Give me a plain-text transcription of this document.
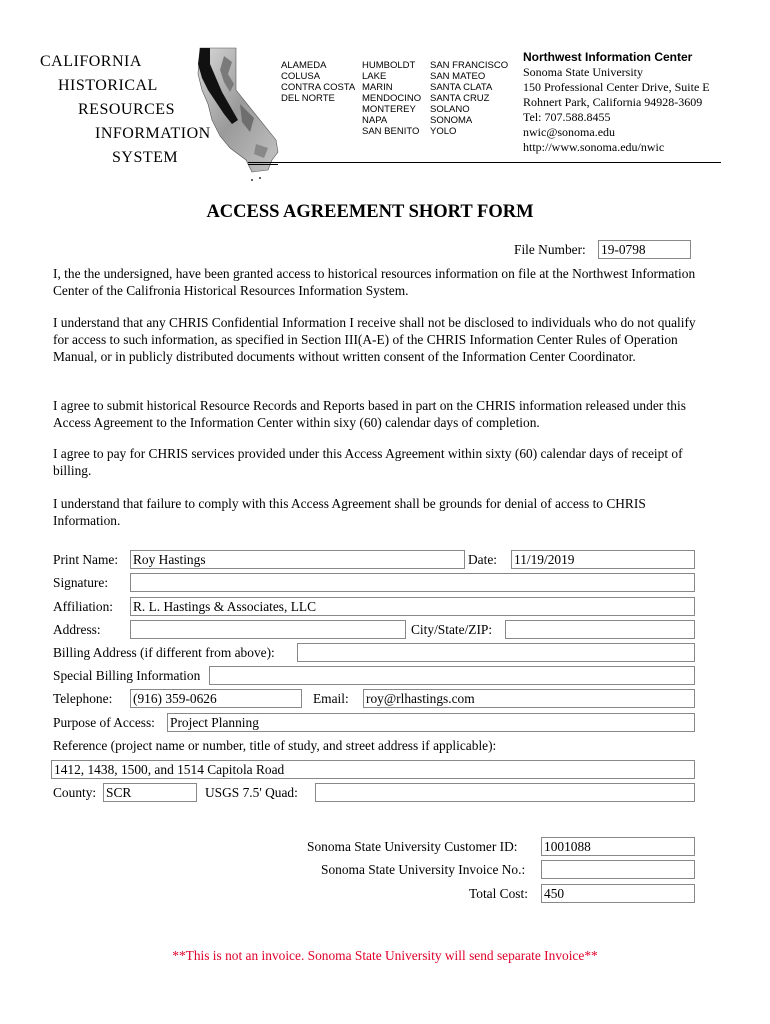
CALIFORNIA
HISTORICAL
RESOURCES
INFORMATION
SYSTEM
ALAMEDA
COLUSA
CONTRA COSTA
DEL NORTE
HUMBOLDT
LAKE
MARIN
MENDOCINO
MONTEREY
NAPA
SAN BENITO
SAN FRANCISCO
SAN MATEO
SANTA CLATA
SANTA CRUZ
SOLANO
SONOMA
YOLO
Northwest Information Center
Sonoma State University
150 Professional Center Drive, Suite E
Rohnert Park, California 94928-3609
Tel: 707.588.8455
nwic@sonoma.edu
http://www.sonoma.edu/nwic
ACCESS AGREEMENT SHORT FORM
File Number: 19-0798
I, the the undersigned, have been granted access to historical resources information on file at the Northwest Information Center of the Califronia Historical Resources Information System.
I understand that any CHRIS Confidential Information I receive shall not be disclosed to individuals who do not qualify for access to such information, as specified in Section III(A-E) of the CHRIS Information Center Rules of Operation Manual, or in publicly distributed documents without written consent of the Information Center Coordinator.
I agree to submit historical Resource Records and Reports based in part on the CHRIS information released under this Access Agreement to the Information Center within sixy (60) calendar days of completion.
I agree to pay for CHRIS services provided under this Access Agreement within sixty (60) calendar days of receipt of billing.
I understand that failure to comply with this Access Agreement shall be grounds for denial of access to CHRIS Information.
Print Name: Roy Hastings	Date: 11/19/2019
Signature:
Affiliation: R. L. Hastings & Associates, LLC
Address:	City/State/ZIP:
Billing Address (if different from above):
Special Billing Information
Telephone: (916) 359-0626	Email: roy@rlhastings.com
Purpose of Access: Project Planning
Reference (project name or number, title of study, and street address if applicable):
1412, 1438, 1500, and 1514 Capitola Road
County: SCR	USGS 7.5' Quad:
Sonoma State University Customer ID: 1001088
Sonoma State University Invoice No.:
Total Cost: 450
**This is not an invoice. Sonoma State University will send separate Invoice**
